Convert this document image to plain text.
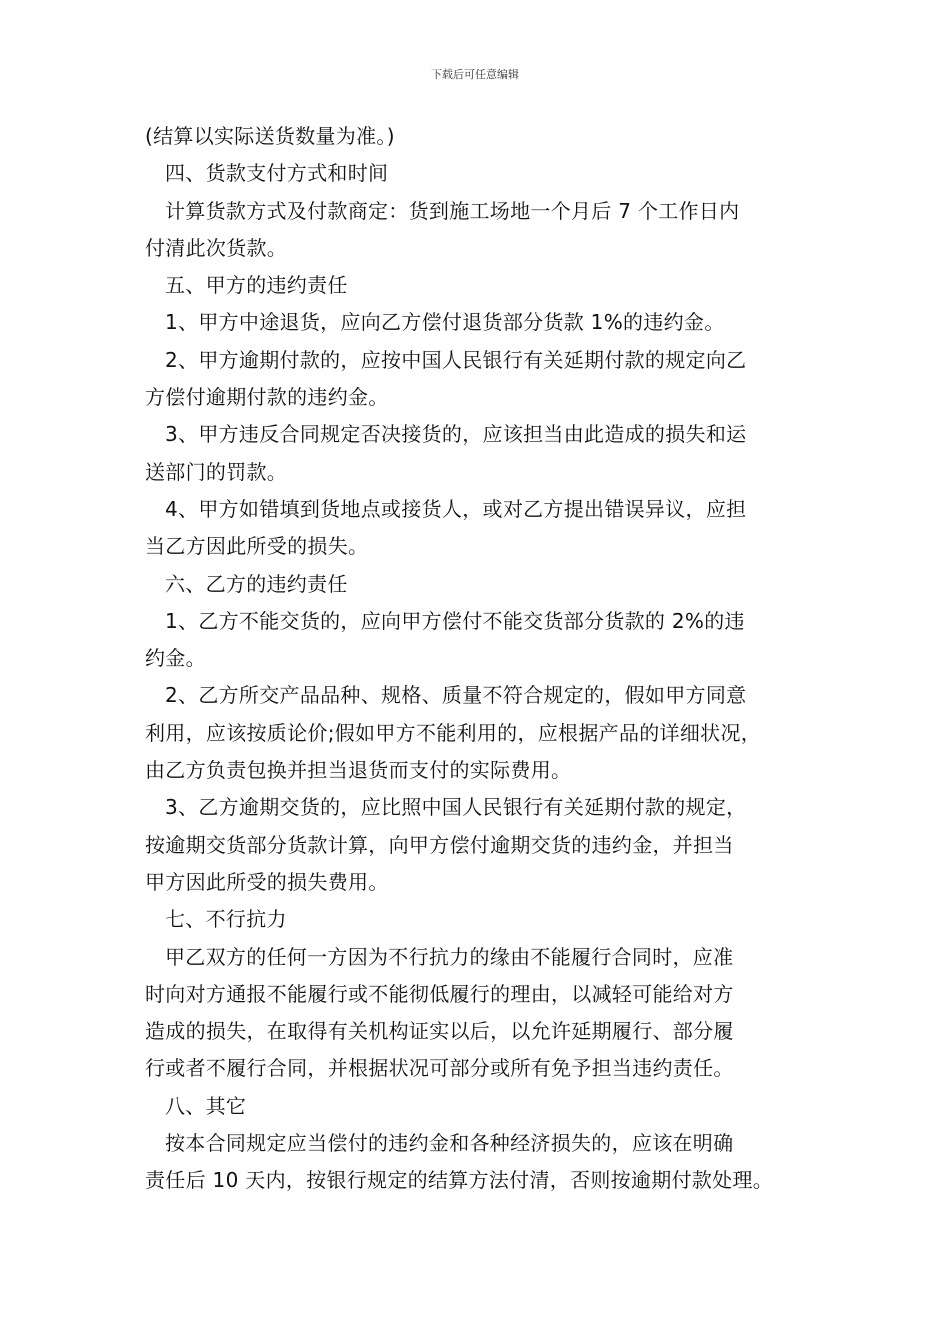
下载后可任意编辑
(结算以实际送货数量为准。)
四、货款支付方式和时间
计算货款方式及付款商定：货到施工场地一个月后 7 个工作日内
付清此次货款。
五、甲方的违约责任
1、甲方中途退货，应向乙方偿付退货部分货款 1%的违约金。
2、甲方逾期付款的，应按中国人民银行有关延期付款的规定向乙
方偿付逾期付款的违约金。
3、甲方违反合同规定否决接货的，应该担当由此造成的损失和运
送部门的罚款。
4、甲方如错填到货地点或接货人，或对乙方提出错误异议，应担
当乙方因此所受的损失。
六、乙方的违约责任
1、乙方不能交货的，应向甲方偿付不能交货部分货款的 2%的违
约金。
2、乙方所交产品品种、规格、质量不符合规定的，假如甲方同意
利用，应该按质论价;假如甲方不能利用的，应根据产品的详细状况，
由乙方负责包换并担当退货而支付的实际费用。
3、乙方逾期交货的，应比照中国人民银行有关延期付款的规定，
按逾期交货部分货款计算，向甲方偿付逾期交货的违约金，并担当
甲方因此所受的损失费用。
七、不行抗力
甲乙双方的任何一方因为不行抗力的缘由不能履行合同时，应准
时向对方通报不能履行或不能彻低履行的理由，以减轻可能给对方
造成的损失，在取得有关机构证实以后，以允许延期履行、部分履
行或者不履行合同，并根据状况可部分或所有免予担当违约责任。
八、其它
按本合同规定应当偿付的违约金和各种经济损失的，应该在明确
责任后 10 天内，按银行规定的结算方法付清，否则按逾期付款处理。
